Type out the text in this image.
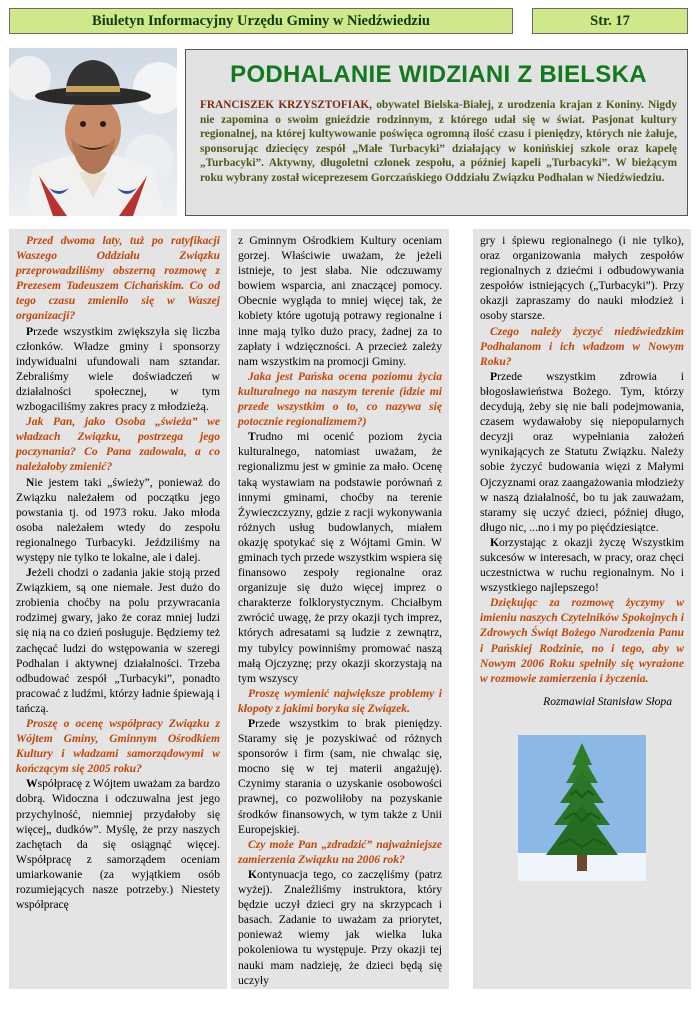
Biuletyn Informacyjny Urzędu Gminy w Niedźwiedziu	Str. 17
PODHALANIE WIDZIANI Z BIELSKA

FRANCISZEK KRZYSZTOFIAK, obywatel Bielska-Białej, z urodzenia krajan z Koniny. Nigdy nie zapomina o swoim gnieździe rodzinnym, z którego udał się w świat. Pasjonat kultury regionalnej, na której kultywowanie poświęca ogromną ilość czasu i pieniędzy, których nie żałuje, sponsorując dziecięcy zespół „Małe Turbacyki” działający w konińskiej szkole oraz kapelę „Turbacyki”. Aktywny, długoletni członek zespołu, a później kapeli „Turbacyki”. W bieżącym roku wybrany został wiceprezesem Gorczańskiego Oddziału Związku Podhalan w Niedźwiedziu.

Przed dwoma laty, tuż po ratyfikacji Waszego Oddziału Związku przeprowadziliśmy obszerną rozmowę z Prezesem Tadeuszem Cichańskim. Co od tego czasu zmieniło się w Waszej organizacji?

Przede wszystkim zwiększyła się liczba członków. Władze gminy i sponsorzy indywidualni ufundowali nam sztandar. Zebraliśmy wiele doświadczeń w działalności społecznej, w tym wzbogaciliśmy zakres pracy z młodzieżą.

Jak Pan, jako Osoba „świeża” we władzach Związku, postrzega jego poczynania? Co Pana zadowala, a co należałoby zmienić?

Nie jestem taki „świeży”, ponieważ do Związku należałem od początku jego powstania tj. od 1973 roku. Jako młoda osoba należałem wtedy do zespołu regionalnego Turbacyki. Jeździliśmy na występy nie tylko te lokalne, ale i dalej.

Jeżeli chodzi o zadania jakie stoją przed Związkiem, są one niemałe. Jest dużo do zrobienia choćby na polu przywracania rodzimej gwary, jako że coraz mniej ludzi się nią na co dzień posługuje. Będziemy też zachęcać ludzi do wstępowania w szeregi Podhalan i aktywnej działalności. Trzeba odbudować zespół „Turbacyki”, ponadto pracować z ludźmi, którzy ładnie śpiewają i tańczą.

Proszę o ocenę współpracy Związku z Wójtem Gminy, Gminnym Ośrodkiem Kultury i władzami samorządowymi w kończącym się 2005 roku?

Współpracę z Wójtem uważam za bardzo dobrą. Widoczna i odczuwalna jest jego przychylność, niemniej przydałoby się więcej„ dudków”. Myślę, że przy naszych zachętach da się osiągnąć więcej. Współpracę z samorządem oceniam umiarkowanie (za wyjątkiem osób rozumiejących nasze potrzeby.) Niestety współpracę

z Gminnym Ośrodkiem Kultury oceniam gorzej. Właściwie uważam, że jeżeli istnieje, to jest słaba. Nie odczuwamy bowiem wsparcia, ani znaczącej pomocy. Obecnie wygląda to mniej więcej tak, że kobiety które ugotują potrawy regionalne i inne mają tylko dużo pracy, żadnej za to zapłaty i wdzięczności. A przecież zależy nam wszystkim na promocji Gminy.

Jaka jest Pańska ocena poziomu życia kulturalnego na naszym terenie (idzie mi przede wszystkim o to, co nazywa się potocznie regionalizmem?)

Trudno mi ocenić poziom życia kulturalnego, natomiast uważam, że regionalizmu jest w gminie za mało. Ocenę taką wystawiam na podstawie porównań z innymi gminami, choćby na terenie Żywieczczyzny, gdzie z racji wykonywania różnych usług budowlanych, miałem okazję spotykać się z Wójtami Gmin. W gminach tych przede wszystkim wspiera się finansowo zespoły regionalne oraz organizuje się dużo więcej imprez o charakterze folklorystycznym. Chciałbym zwrócić uwagę, że przy okazji tych imprez, których adresatami są ludzie z zewnątrz, my tubylcy powinniśmy promować naszą małą Ojczyznę; przy okazji skorzystają na tym wszyscy

Proszę wymienić największe problemy i kłopoty z jakimi boryka się Związek.

Przede wszystkim to brak pieniędzy. Staramy się je pozyskiwać od różnych sponsorów i firm (sam, nie chwaląc się, mocno się w tej materii angażuję). Czynimy starania o uzyskanie osobowości prawnej, co pozwoliłoby na pozyskanie środków finansowych, w tym także z Unii Europejskiej.

Czy może Pan „zdradzić” najważniejsze zamierzenia Związku na 2006 rok?

Kontynuacja tego, co zaczęliśmy (patrz wyżej). Znaleźliśmy instruktora, który będzie uczył dzieci gry na skrzypcach i basach. Zadanie to uważam za priorytet, ponieważ wiemy jak wielka luka pokoleniowa tu występuje. Przy okazji tej nauki mam nadzieję, że dzieci będą się uczyły

gry i śpiewu regionalnego (i nie tylko), oraz organizowania małych zespołów regionalnych z dziećmi i odbudowywania zespołów istniejących („Turbacyki”). Przy okazji zapraszamy do nauki młodzież i osoby starsze.

Czego należy życzyć niedźwiedzkim Podhalanom i ich władzom w Nowym Roku?

Przede wszystkim zdrowia i błogosławieństwa Bożego. Tym, którzy decydują, żeby się nie bali podejmowania, czasem wydawałoby się niepopularnych decyzji oraz wypełniania założeń wynikających ze Statutu Związku. Należy sobie życzyć budowania więzi z Małymi Ojczyznami oraz zaangażowania młodzieży w naszą działalność, bo tu jak zauważam, staramy się uczyć dzieci, później długo, długo nic, ...no i my po pięćdziesiątce.

Korzystając z okazji życzę Wszystkim sukcesów w interesach, w pracy, oraz chęci uczestnictwa w ruchu regionalnym. No i wszystkiego najlepszego!

Dziękując za rozmowę życzymy w imieniu naszych Czytelników Spokojnych i Zdrowych Świąt Bożego Narodzenia Panu i Pańskiej Rodzinie, no i tego, aby w Nowym 2006 Roku spełniły się wyrażone w rozmowie zamierzenia i życzenia.

Rozmawiał Stanisław Słopa
